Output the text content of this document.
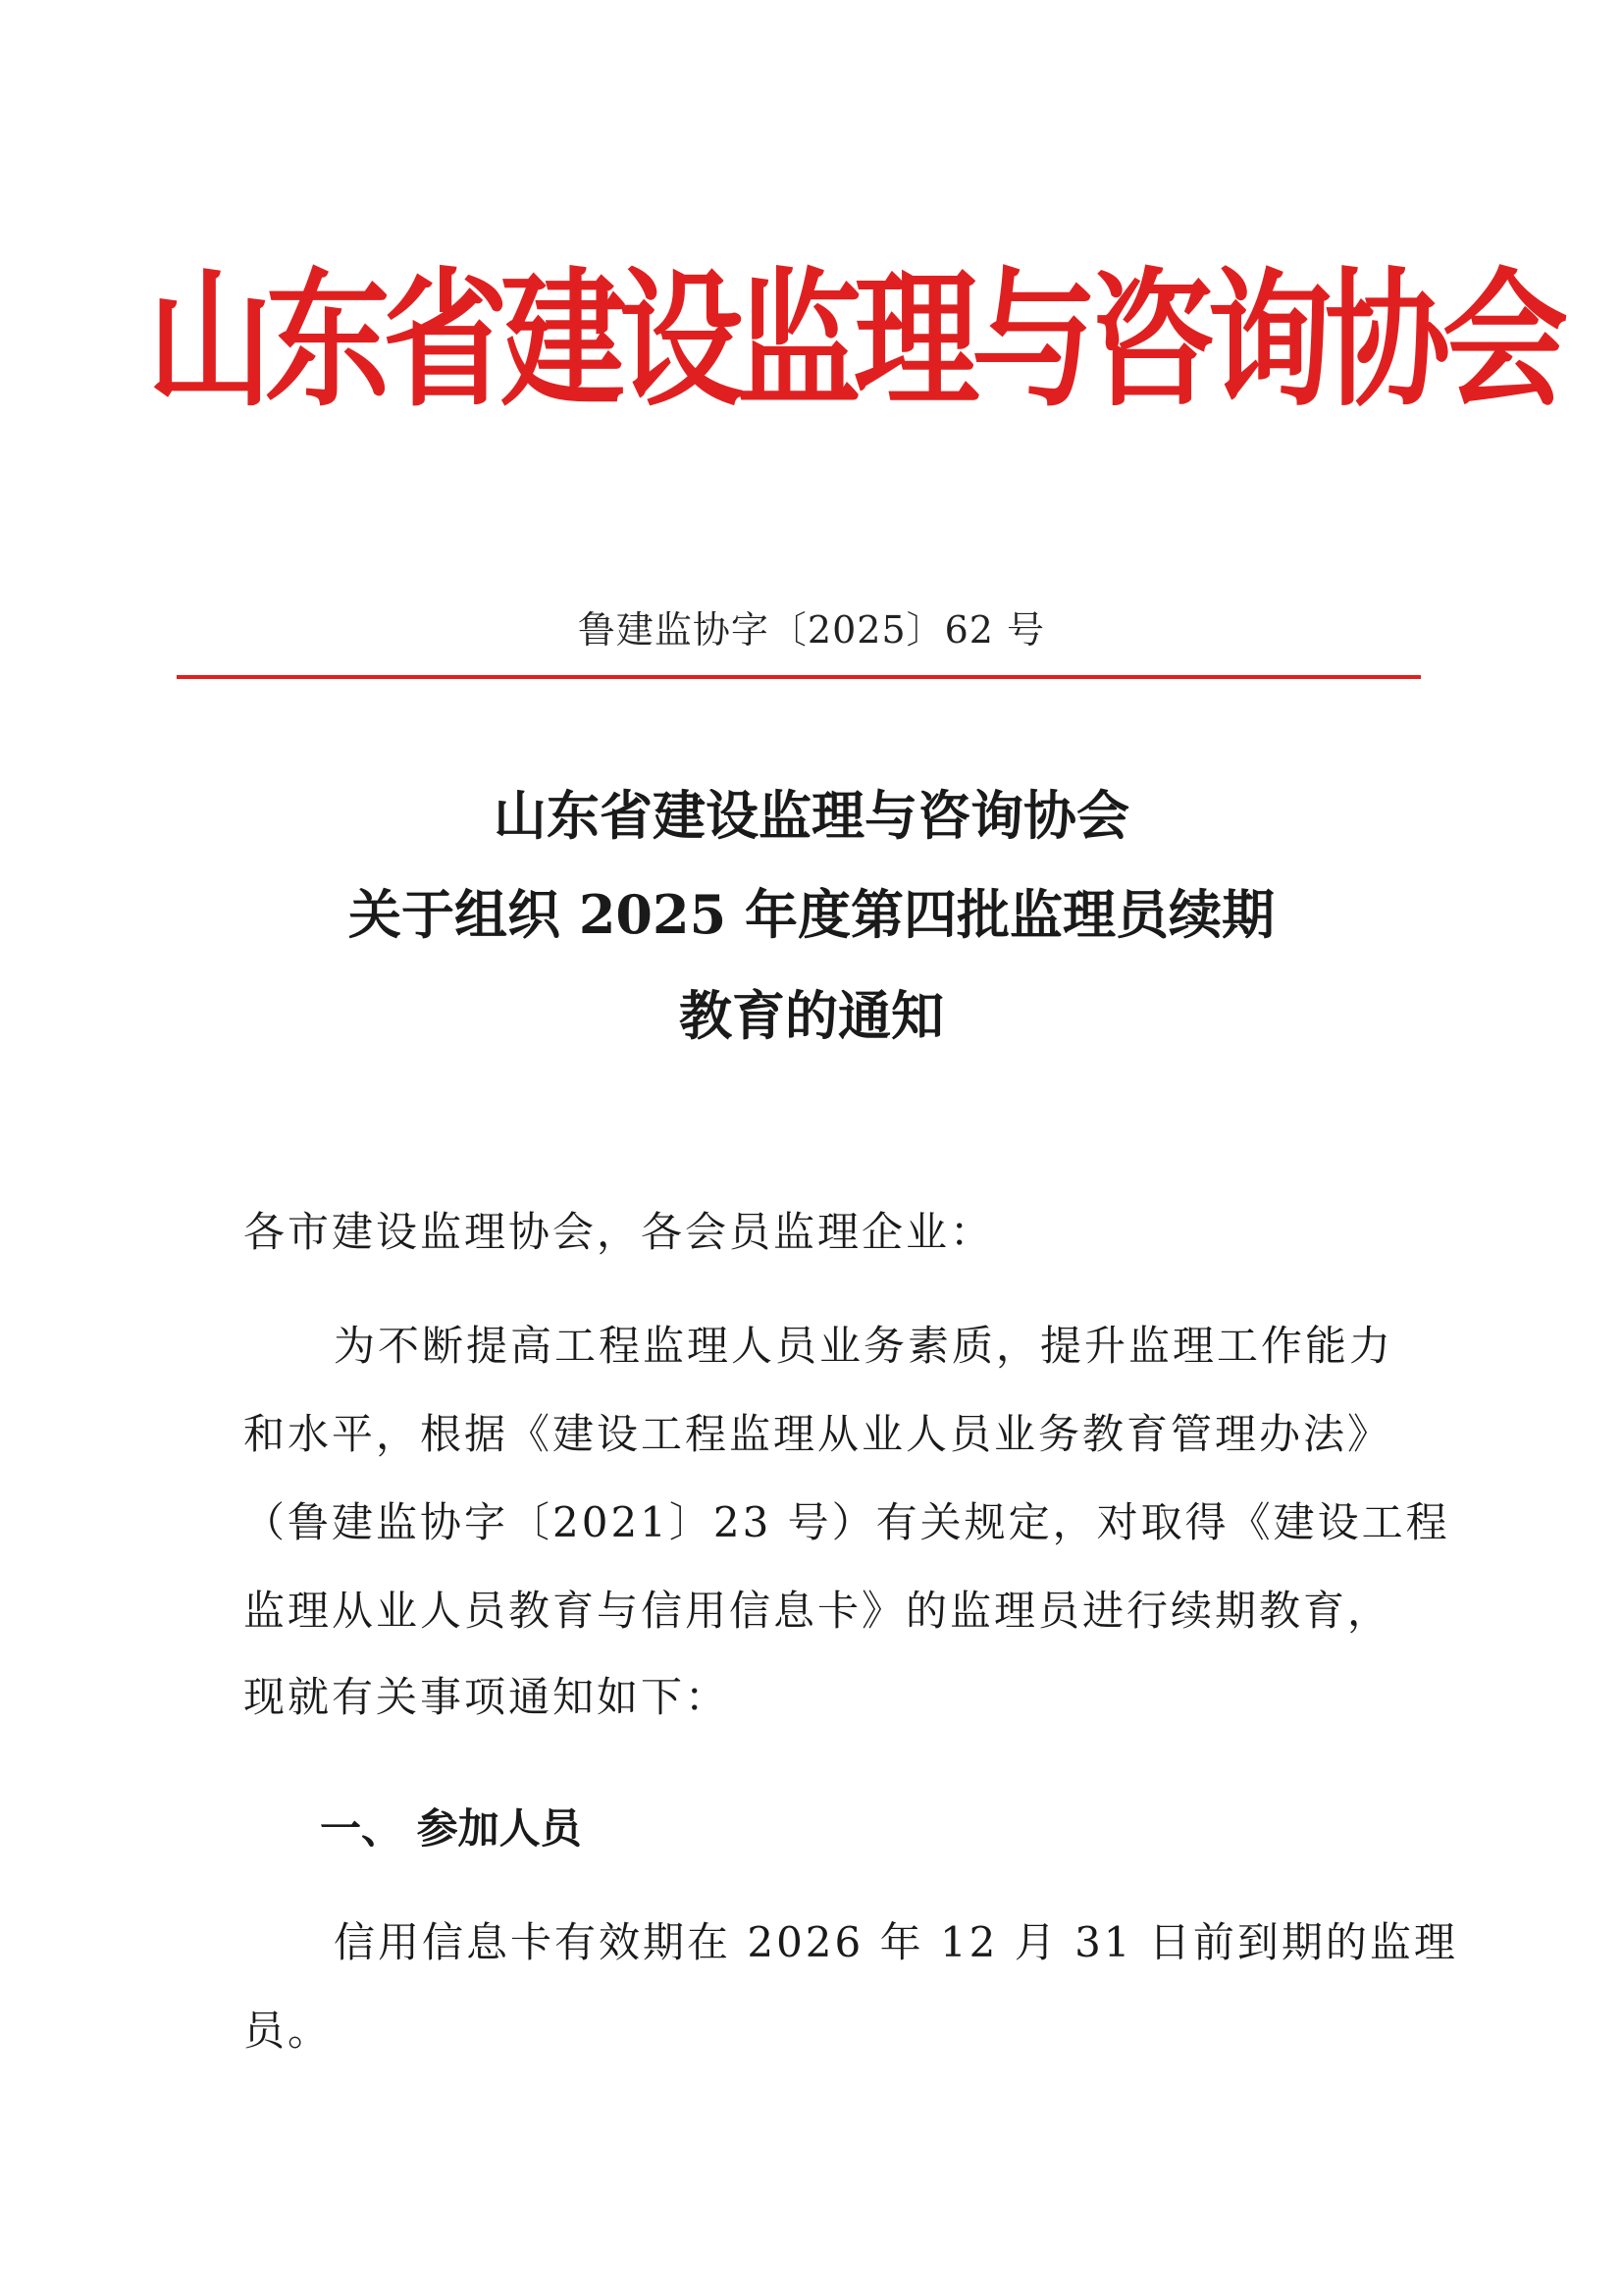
山东省建设监理与咨询协会
鲁建监协字〔2025〕62 号
山东省建设监理与咨询协会
关于组织 2025 年度第四批监理员续期
教育的通知
各市建设监理协会，各会员监理企业：
为不断提高工程监理人员业务素质，提升监理工作能力
和水平，根据《建设工程监理从业人员业务教育管理办法》
（鲁建监协字〔2021〕23 号）有关规定，对取得《建设工程
监理从业人员教育与信用信息卡》的监理员进行续期教育，
现就有关事项通知如下：
一、 参加人员
信用信息卡有效期在 2026 年 12 月 31 日前到期的监理
员。
